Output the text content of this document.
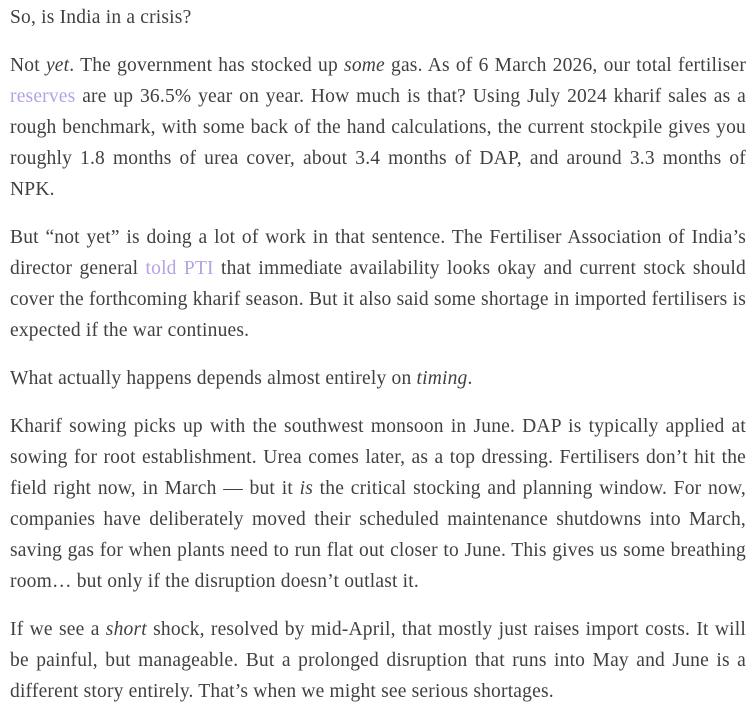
So, is India in a crisis?

Not yet. The government has stocked up some gas. As of 6 March 2026, our total fertiliser reserves are up 36.5% year on year. How much is that? Using July 2024 kharif sales as a rough benchmark, with some back of the hand calculations, the current stockpile gives you roughly 1.8 months of urea cover, about 3.4 months of DAP, and around 3.3 months of NPK.

But “not yet” is doing a lot of work in that sentence. The Fertiliser Association of India’s director general told PTI that immediate availability looks okay and current stock should cover the forthcoming kharif season. But it also said some shortage in imported fertilisers is expected if the war continues.

What actually happens depends almost entirely on timing.

Kharif sowing picks up with the southwest monsoon in June. DAP is typically applied at sowing for root establishment. Urea comes later, as a top dressing. Fertilisers don’t hit the field right now, in March — but it is the critical stocking and planning window. For now, companies have deliberately moved their scheduled maintenance shutdowns into March, saving gas for when plants need to run flat out closer to June. This gives us some breathing room… but only if the disruption doesn’t outlast it.

If we see a short shock, resolved by mid-April, that mostly just raises import costs. It will be painful, but manageable. But a prolonged disruption that runs into May and June is a different story entirely. That’s when we might see serious shortages.
